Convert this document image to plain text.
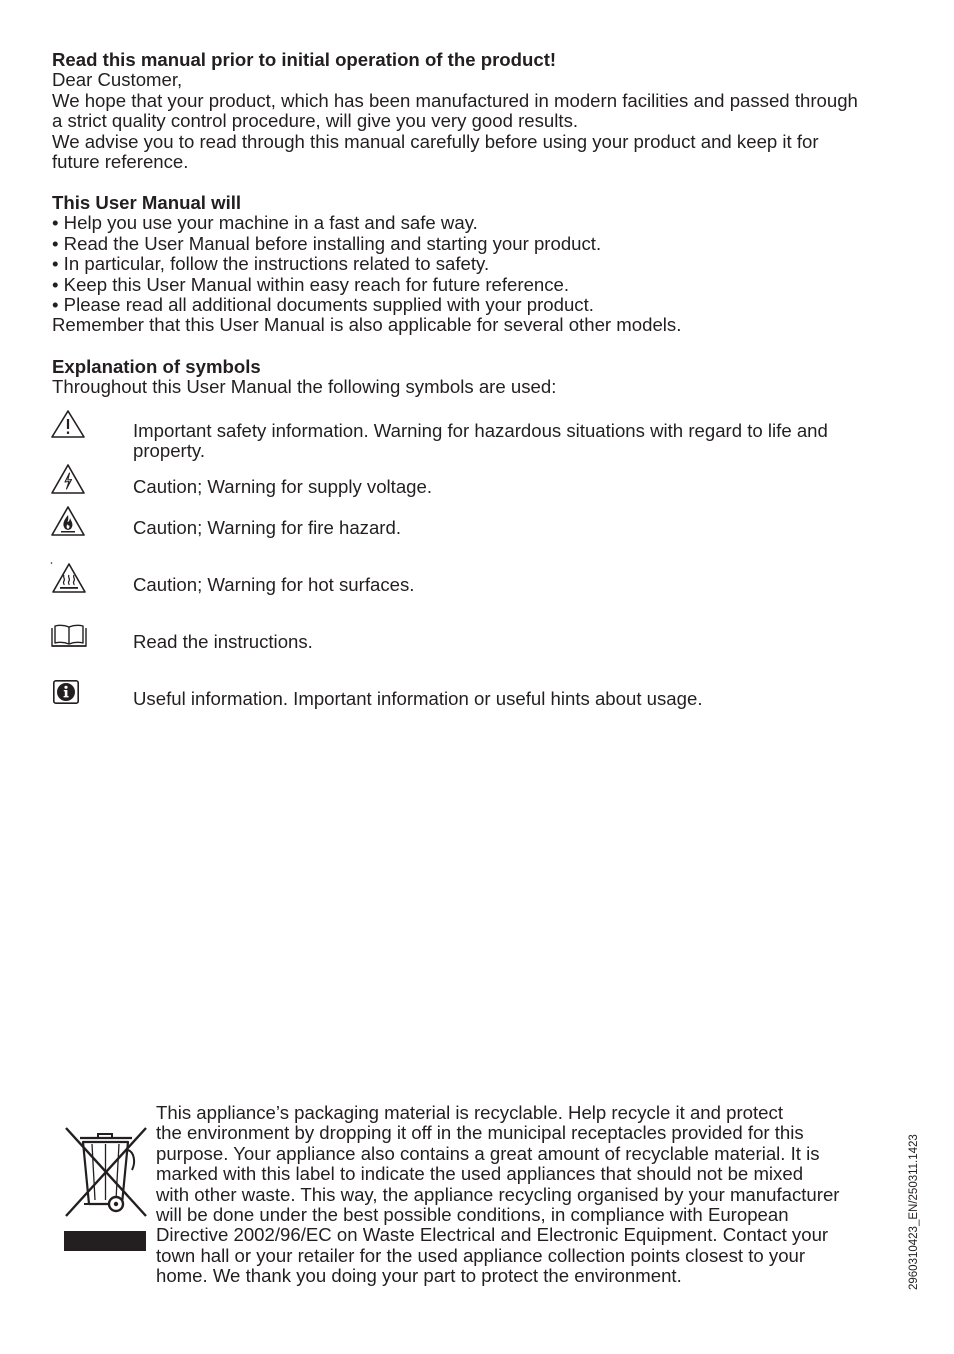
Read this manual prior to initial operation of the product!
Dear Customer,
We hope that your product, which has been manufactured in modern facilities and passed through
a strict quality control procedure, will give you very good results.
We advise you to read through this manual carefully before using your product and keep it for
future reference.
This User Manual will
• Help you use your machine in a fast and safe way.
• Read the User Manual before installing and starting your product.
• In particular, follow the instructions related to safety.
• Keep this User Manual within easy reach for future reference.
• Please read all additional documents supplied with your product.
Remember that this User Manual is also applicable for several other models.
Explanation of symbols
Throughout this User Manual the following symbols are used:
Important safety information. Warning for hazardous situations with regard to life and property.
Caution; Warning for supply voltage.
Caution; Warning for fire hazard.
Caution; Warning for hot surfaces.
Read the instructions.
Useful information. Important information or useful hints about usage.
This appliance’s packaging material is recyclable. Help recycle it and protect
the environment by dropping it off in the municipal receptacles provided for this
purpose. Your appliance also contains a great amount of recyclable material. It is
marked with this label to indicate the used appliances that should not be mixed
with other waste. This way, the appliance recycling organised by your manufacturer
will be done under the best possible conditions, in compliance with European
Directive 2002/96/EC on Waste Electrical and Electronic Equipment. Contact your
town hall or your retailer for the used appliance collection points closest to your
home. We thank you doing your part to protect the environment.	2960310423_EN/250311.1423
